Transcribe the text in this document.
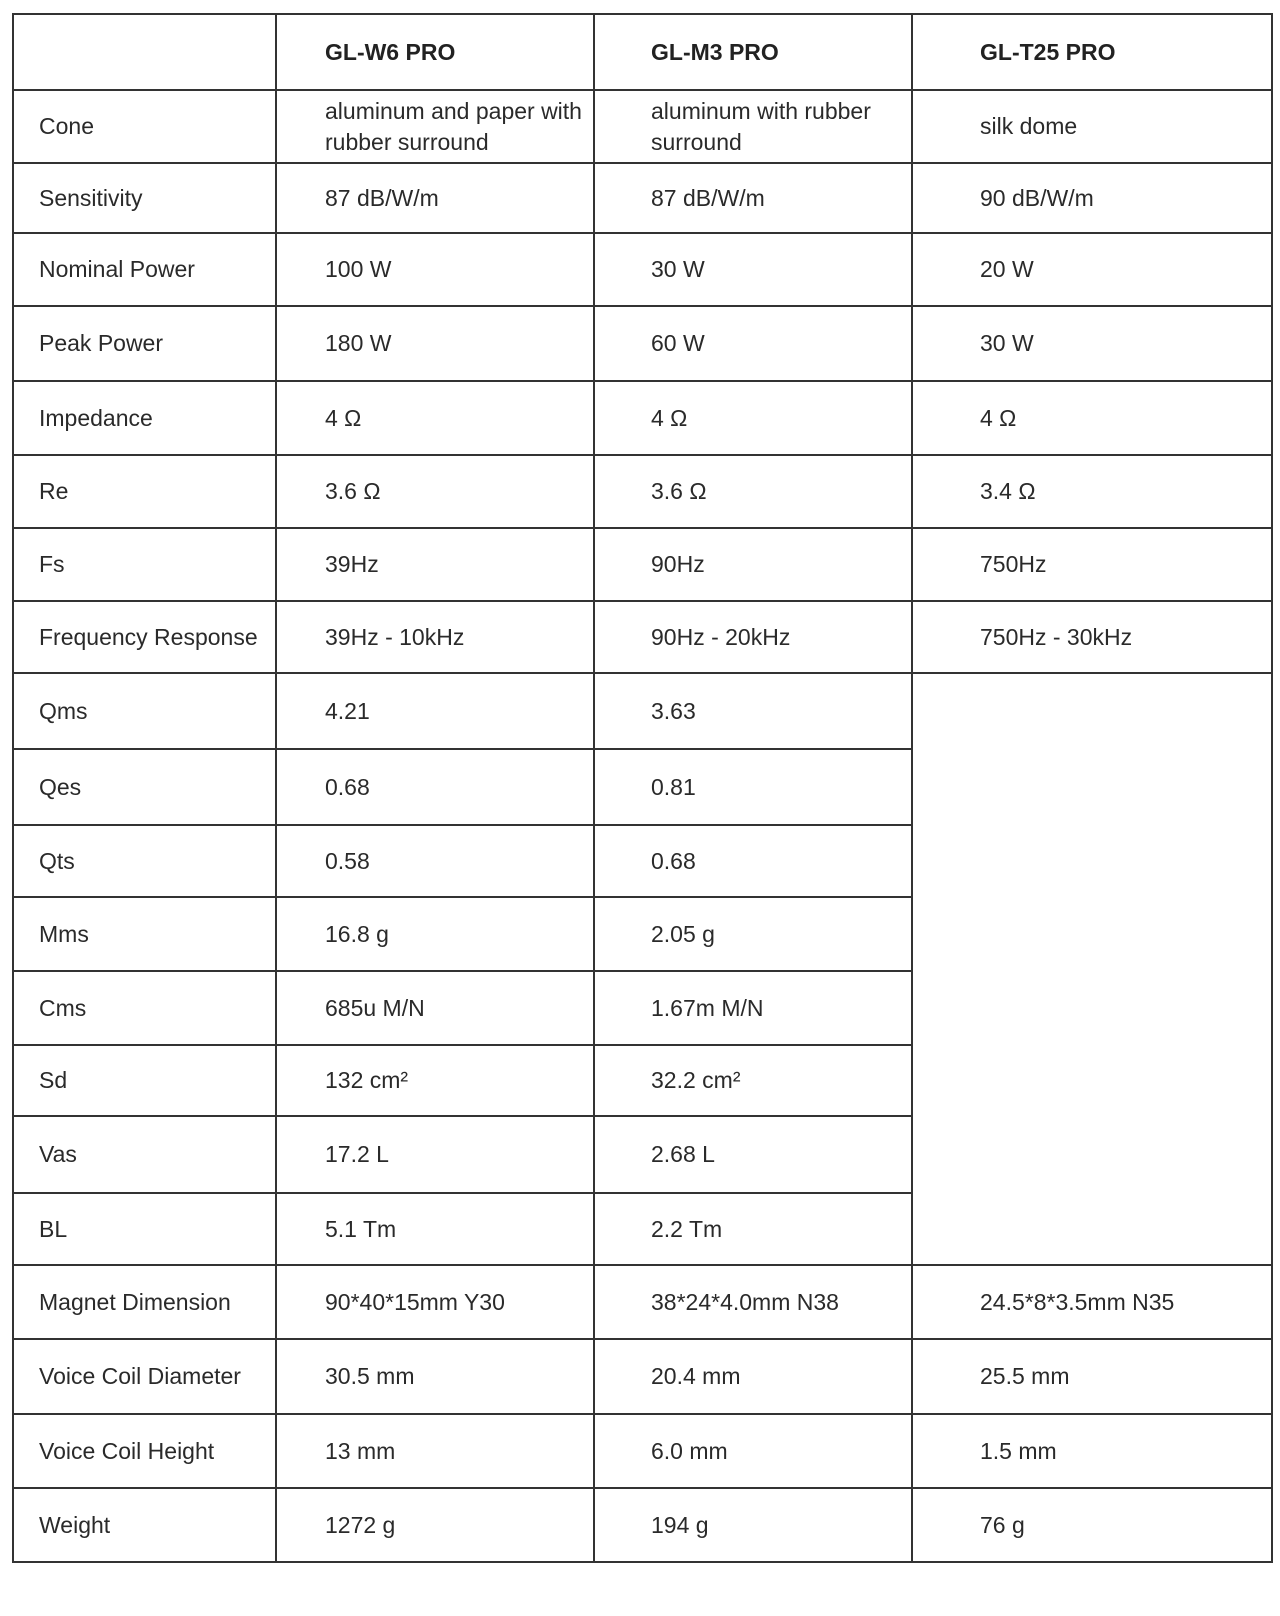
	GL-W6 PRO	GL-M3 PRO	GL-T25 PRO
Cone	aluminum and paper with rubber surround	aluminum with rubber surround	silk dome
Sensitivity	87 dB/W/m	87 dB/W/m	90 dB/W/m
Nominal Power	100 W	30 W	20 W
Peak Power	180 W	60 W	30 W
Impedance	4 Ω	4 Ω	4 Ω
Re	3.6 Ω	3.6 Ω	3.4 Ω
Fs	39Hz	90Hz	750Hz
Frequency Response	39Hz - 10kHz	90Hz - 20kHz	750Hz - 30kHz
Qms	4.21	3.63	
Qes	0.68	0.81	
Qts	0.58	0.68	
Mms	16.8 g	2.05 g	
Cms	685u M/N	1.67m M/N	
Sd	132 cm²	32.2 cm²	
Vas	17.2 L	2.68 L	
BL	5.1 Tm	2.2 Tm	
Magnet Dimension	90*40*15mm Y30	38*24*4.0mm N38	24.5*8*3.5mm N35
Voice Coil Diameter	30.5 mm	20.4 mm	25.5 mm
Voice Coil Height	13 mm	6.0 mm	1.5 mm
Weight	1272 g	194 g	76 g
